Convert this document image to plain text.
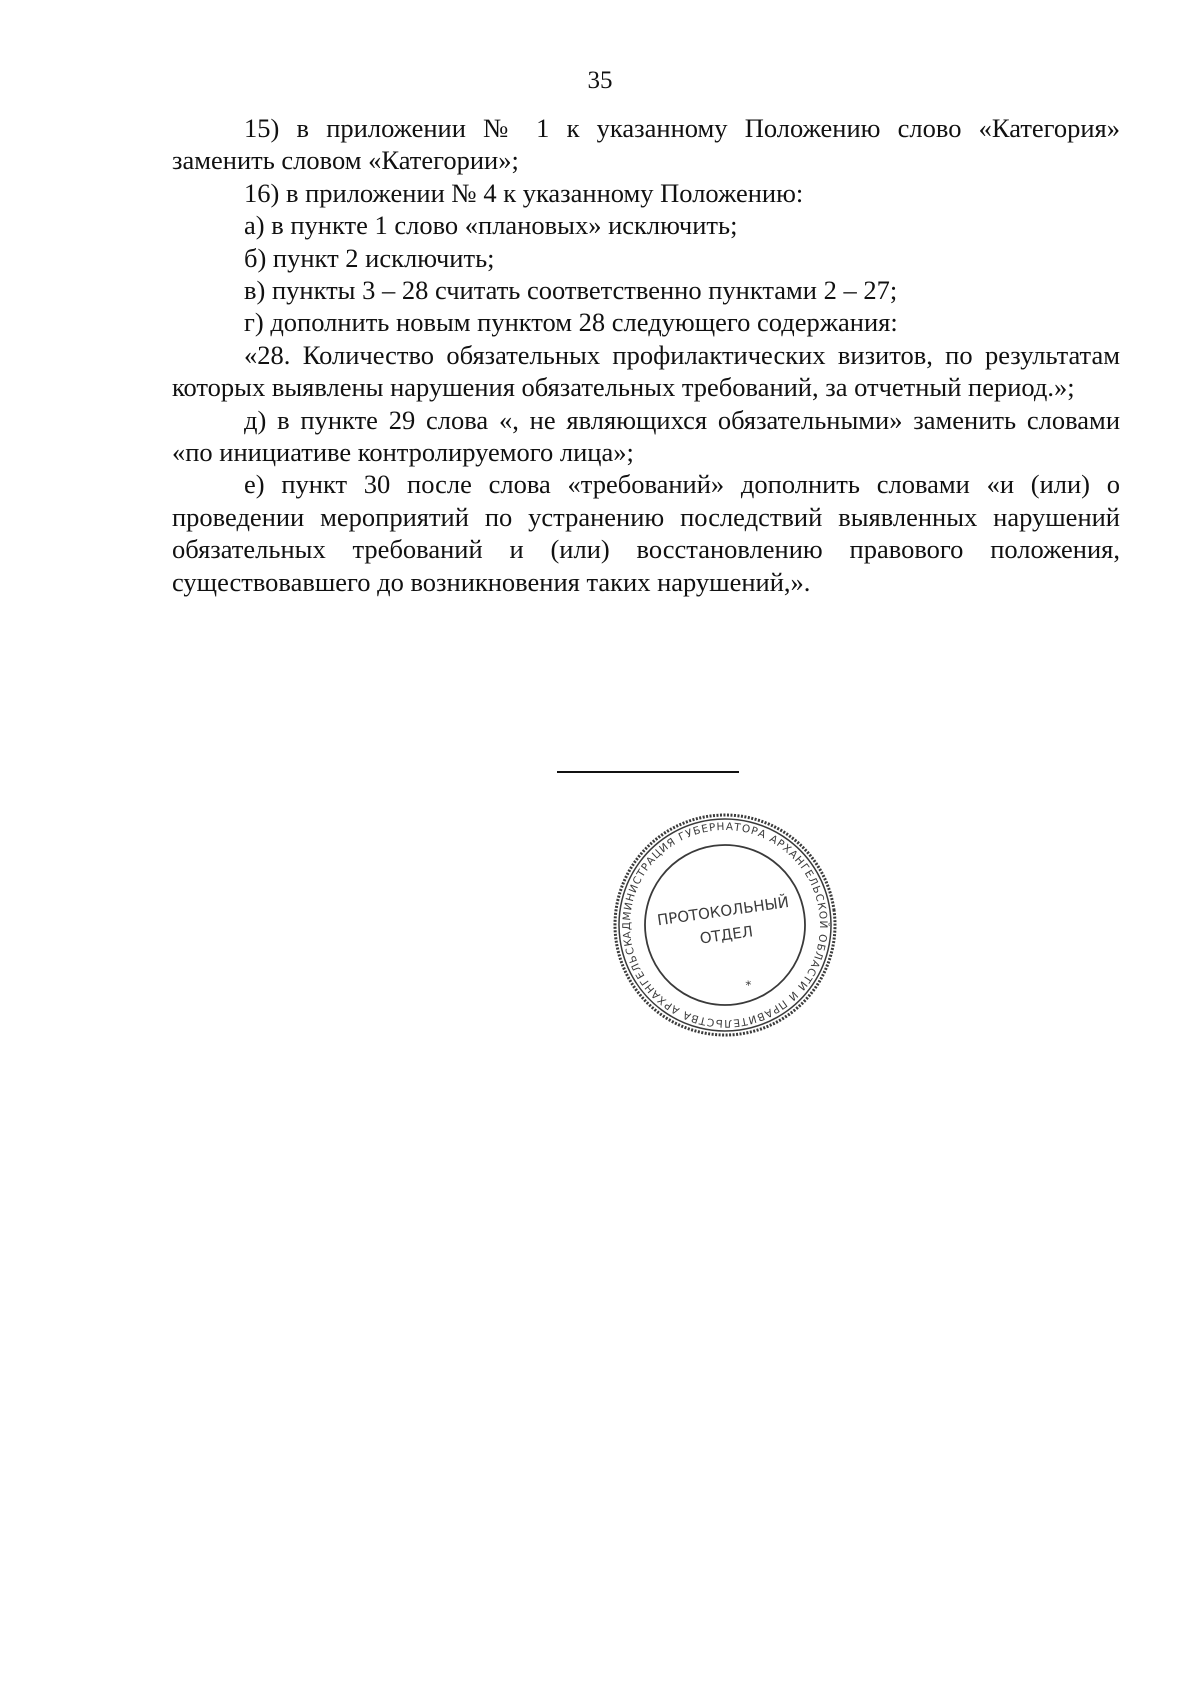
35

15) в приложении № 1 к указанному Положению слово «Категория» заменить словом «Категории»;

16) в приложении № 4 к указанному Положению:

а) в пункте 1 слово «плановых» исключить;

б) пункт 2 исключить;

в) пункты 3 – 28 считать соответственно пунктами 2 – 27;

г) дополнить новым пунктом 28 следующего содержания:

«28. Количество обязательных профилактических визитов, по результатам которых выявлены нарушения обязательных требований, за отчетный период.»;

д) в пункте 29 слова «, не являющихся обязательными» заменить словами «по инициативе контролируемого лица»;

е) пункт 30 после слова «требований» дополнить словами «и (или) о проведении мероприятий по устранению последствий выявленных нарушений обязательных требований и (или) восстановлению правового положения, существовавшего до возникновения таких нарушений,».

АДМИНИСТРАЦИЯ ГУБЕРНАТОРА АРХАНГЕЛЬСКОЙ ОБЛАСТИ И ПРАВИТЕЛЬСТВА АРХАНГЕЛЬСКОЙ
ПРОТОКОЛЬНЫЙ
ОТДЕЛ
*
